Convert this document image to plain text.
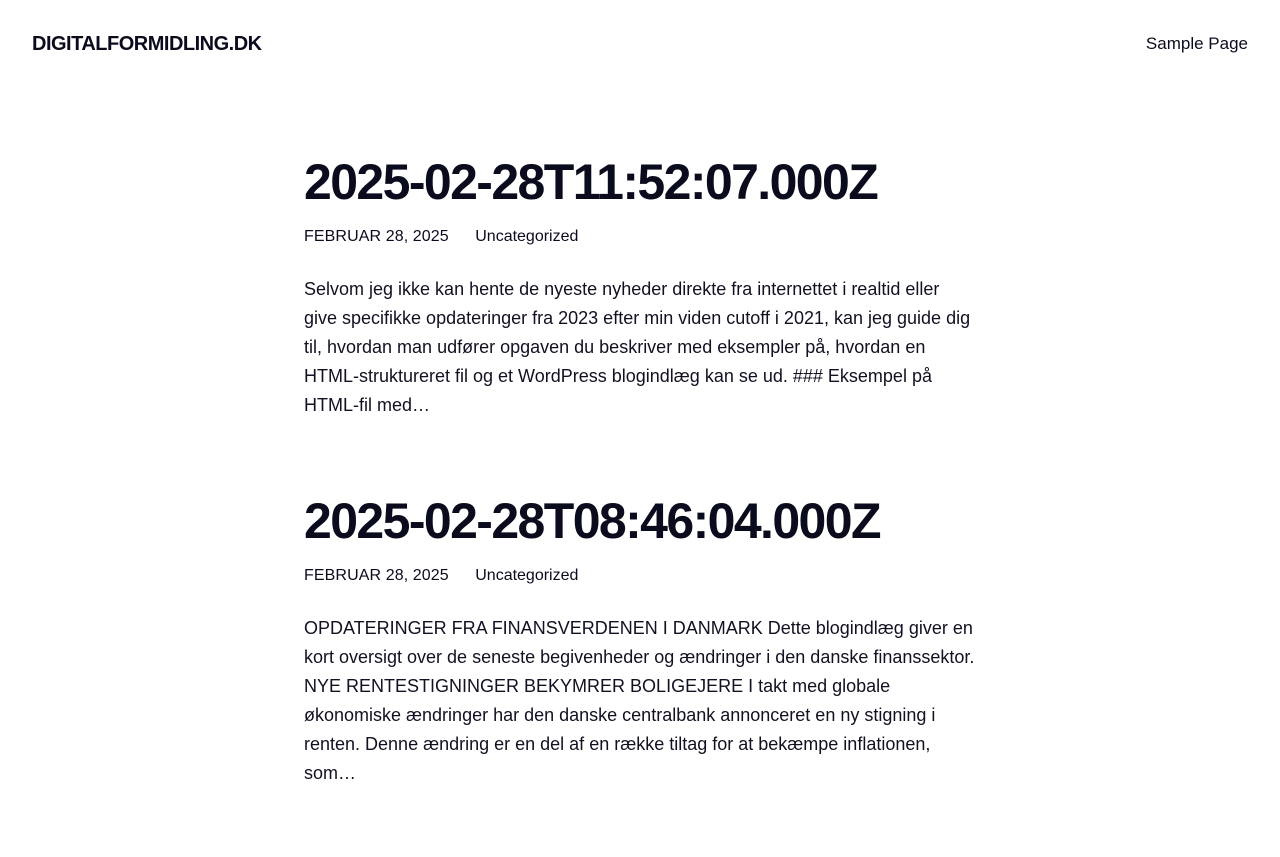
DIGITALFORMIDLING.DK	Sample Page
2025-02-28T11:52:07.000Z
FEBRUAR 28, 2025 Uncategorized

Selvom jeg ikke kan hente de nyeste nyheder direkte fra internettet i realtid eller give specifikke opdateringer fra 2023 efter min viden cutoff i 2021, kan jeg guide dig til, hvordan man udfører opgaven du beskriver med eksempler på, hvordan en HTML-struktureret fil og et WordPress blogindlæg kan se ud. ### Eksempel på HTML-fil med…

2025-02-28T08:46:04.000Z
FEBRUAR 28, 2025 Uncategorized

OPDATERINGER FRA FINANSVERDENEN I DANMARK Dette blogindlæg giver en kort oversigt over de seneste begivenheder og ændringer i den danske finanssektor. NYE RENTESTIGNINGER BEKYMRER BOLIGEJERE I takt med globale økonomiske ændringer har den danske centralbank annonceret en ny stigning i renten. Denne ændring er en del af en række tiltag for at bekæmpe inflationen, som…
